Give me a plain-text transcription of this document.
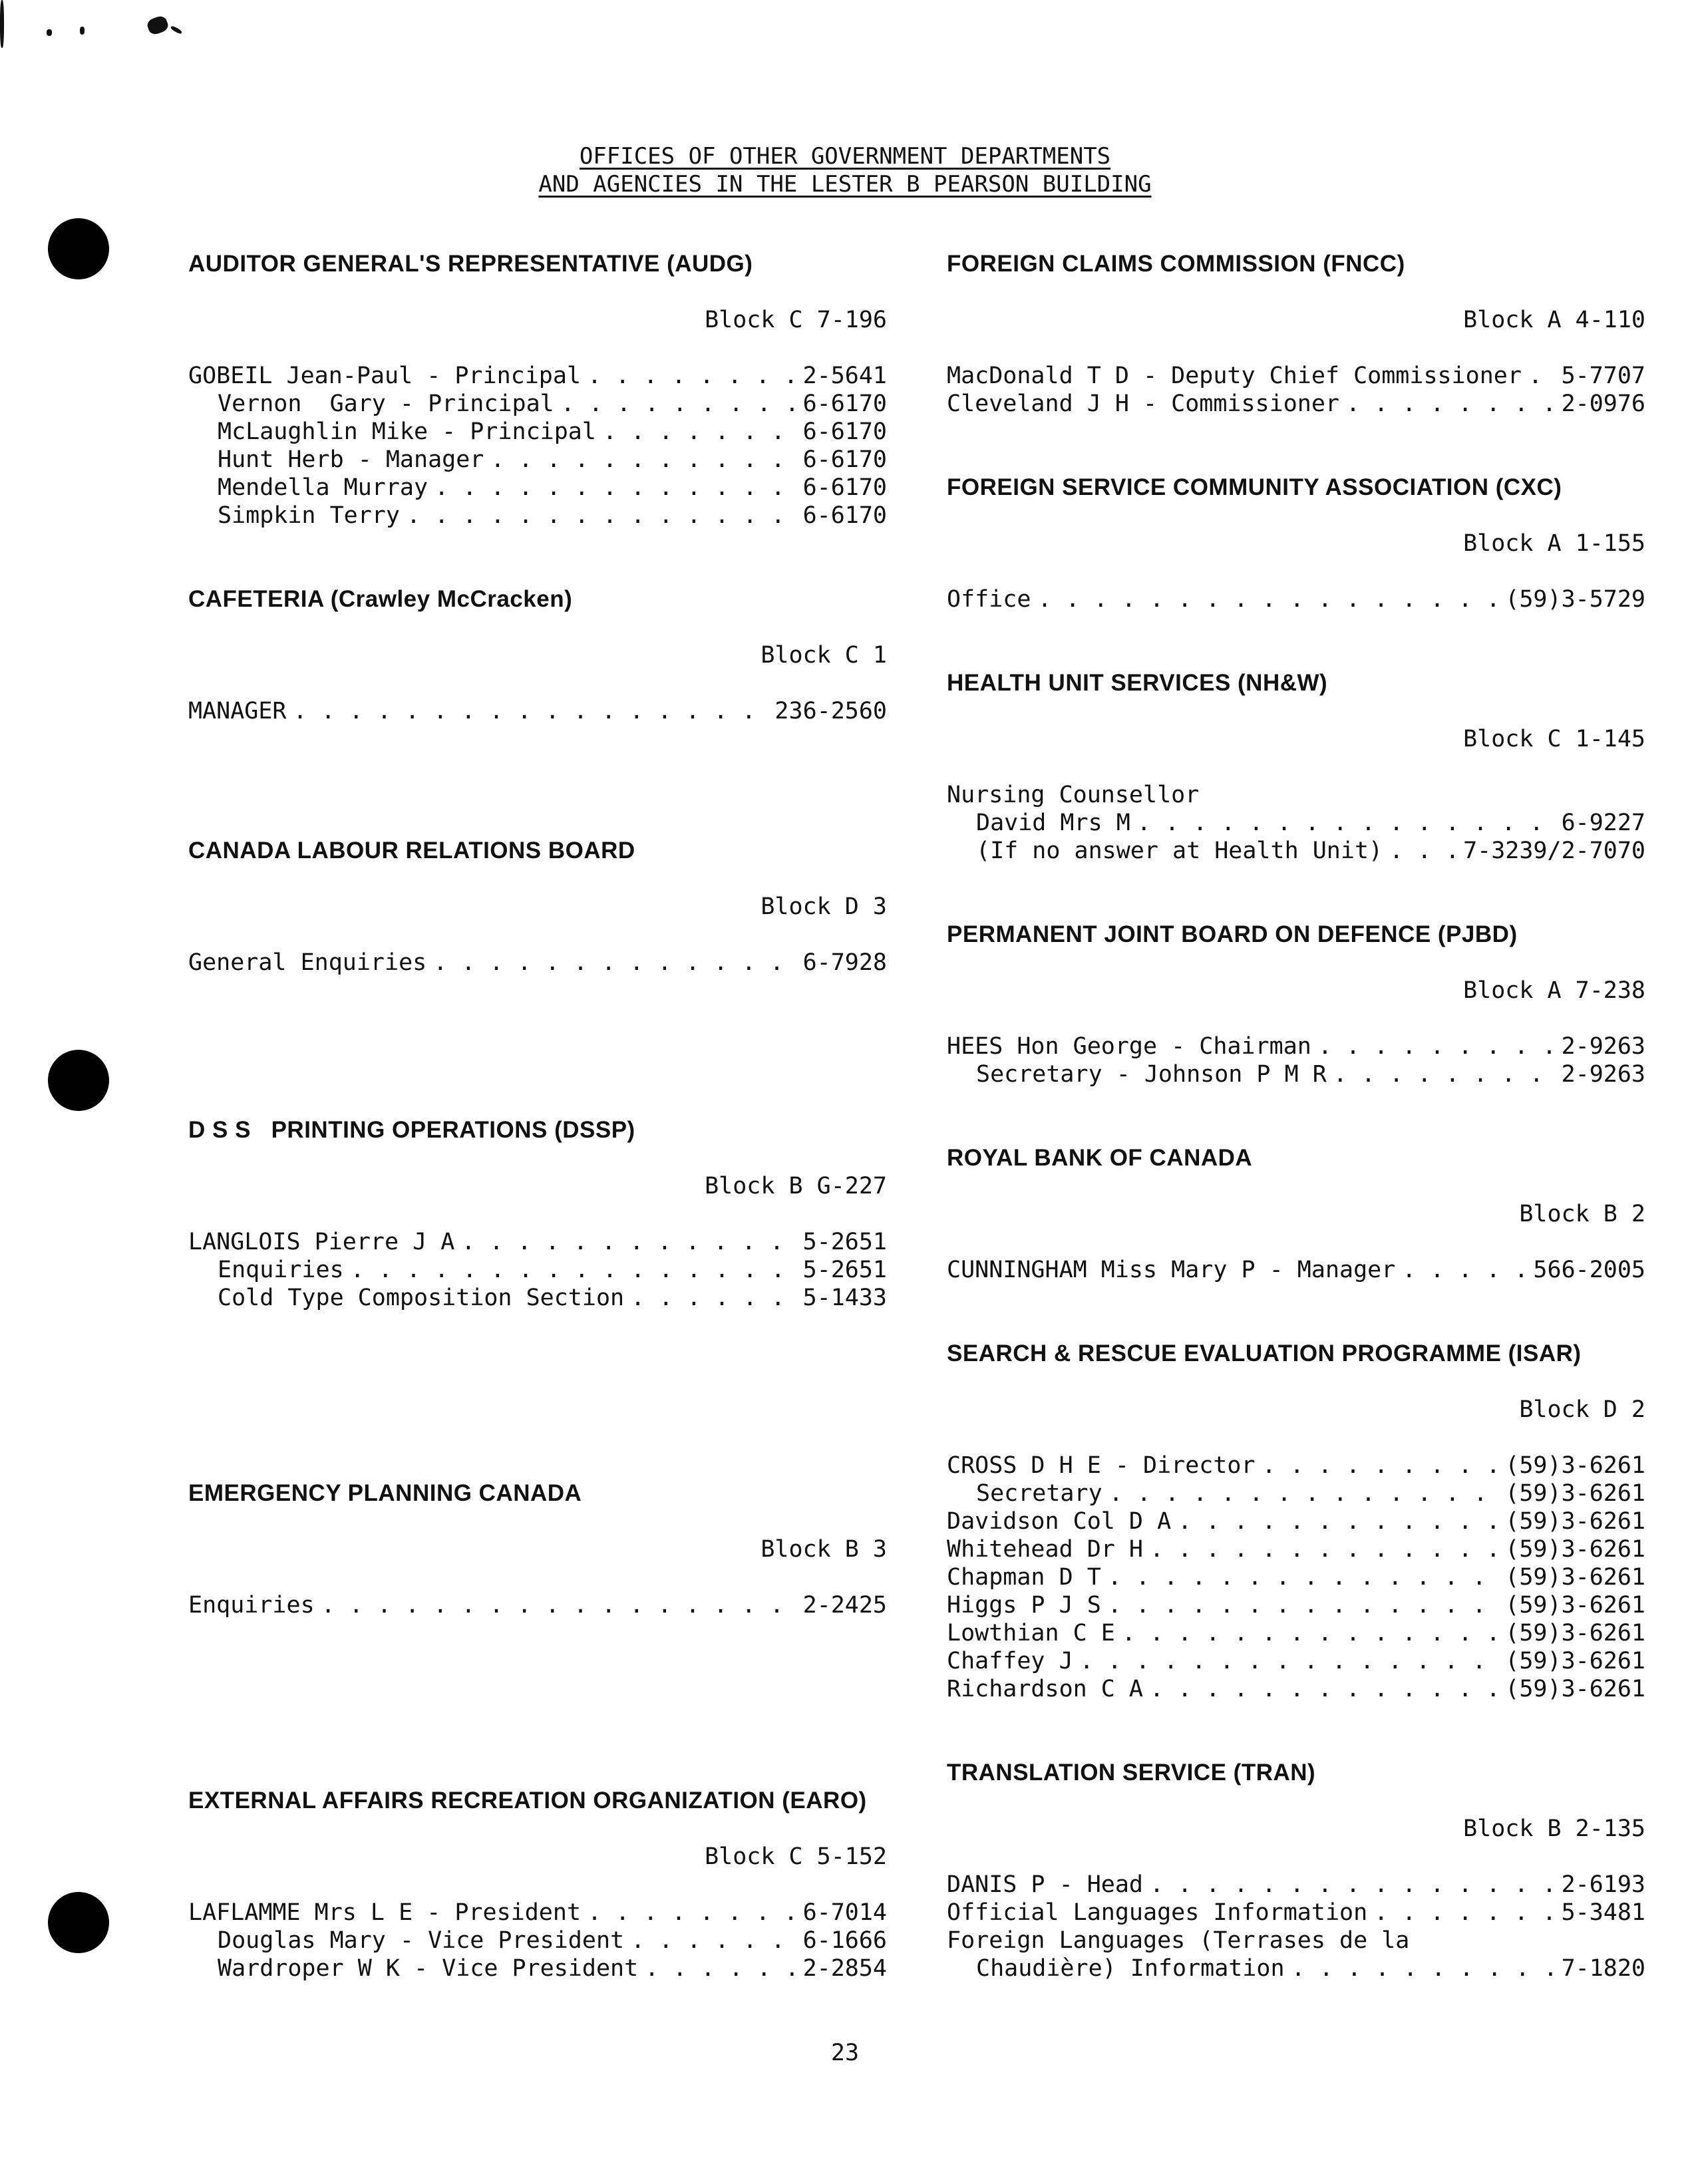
OFFICES OF OTHER GOVERNMENT DEPARTMENTS
AND AGENCIES IN THE LESTER B PEARSON BUILDING
AUDITOR GENERAL'S REPRESENTATIVE (AUDG)
Block C 7-196
GOBEIL Jean-Paul - Principal . . .	2-5641
Vernon  Gary - Principal . . .	6-6170
McLaughlin Mike - Principal . . .	6-6170
Hunt Herb - Manager . . .	6-6170
Mendella Murray . . .	6-6170
Simpkin Terry . . .	6-6170
CAFETERIA (Crawley McCracken)
Block C 1
MANAGER . . .	236-2560
CANADA LABOUR RELATIONS BOARD
Block D 3
General Enquiries . . .	6-7928
D S S   PRINTING OPERATIONS (DSSP)
Block B G-227
LANGLOIS Pierre J A . . .	5-2651
Enquiries . . .	5-2651
Cold Type Composition Section . . .	5-1433
EMERGENCY PLANNING CANADA
Block B 3
Enquiries . . .	2-2425
EXTERNAL AFFAIRS RECREATION ORGANIZATION (EARO)
Block C 5-152
LAFLAMME Mrs L E - President . . .	6-7014
Douglas Mary - Vice President . . .	6-1666
Wardroper W K - Vice President . . .	2-2854
FOREIGN CLAIMS COMMISSION (FNCC)
Block A 4-110
MacDonald T D - Deputy Chief Commissioner . . . 5-7707
Cleveland J H - Commissioner . . .	2-0976
FOREIGN SERVICE COMMUNITY ASSOCIATION (CXC)
Block A 1-155
Office . . .	(59)3-5729
HEALTH UNIT SERVICES (NH&W)
Block C 1-145
Nursing Counsellor
David Mrs M . . .	6-9227
(If no answer at Health Unit) . . .	7-3239/2-7070
PERMANENT JOINT BOARD ON DEFENCE (PJBD)
Block A 7-238
HEES Hon George - Chairman . . .	2-9263
Secretary - Johnson P M R . . .	2-9263
ROYAL BANK OF CANADA
Block B 2
CUNNINGHAM Miss Mary P - Manager . . .	566-2005
SEARCH & RESCUE EVALUATION PROGRAMME (ISAR)
Block D 2
CROSS D H E - Director . . .	(59)3-6261
Secretary . . .	(59)3-6261
Davidson Col D A . . .	(59)3-6261
Whitehead Dr H . . .	(59)3-6261
Chapman D T . . .	(59)3-6261
Higgs P J S . . .	(59)3-6261
Lowthian C E . . .	(59)3-6261
Chaffey J . . .	(59)3-6261
Richardson C A . . .	(59)3-6261
TRANSLATION SERVICE (TRAN)
Block B 2-135
DANIS P - Head . . .	2-6193
Official Languages Information . . .	5-3481
Foreign Languages (Terrases de la
Chaudière) Information . . .	7-1820
23
